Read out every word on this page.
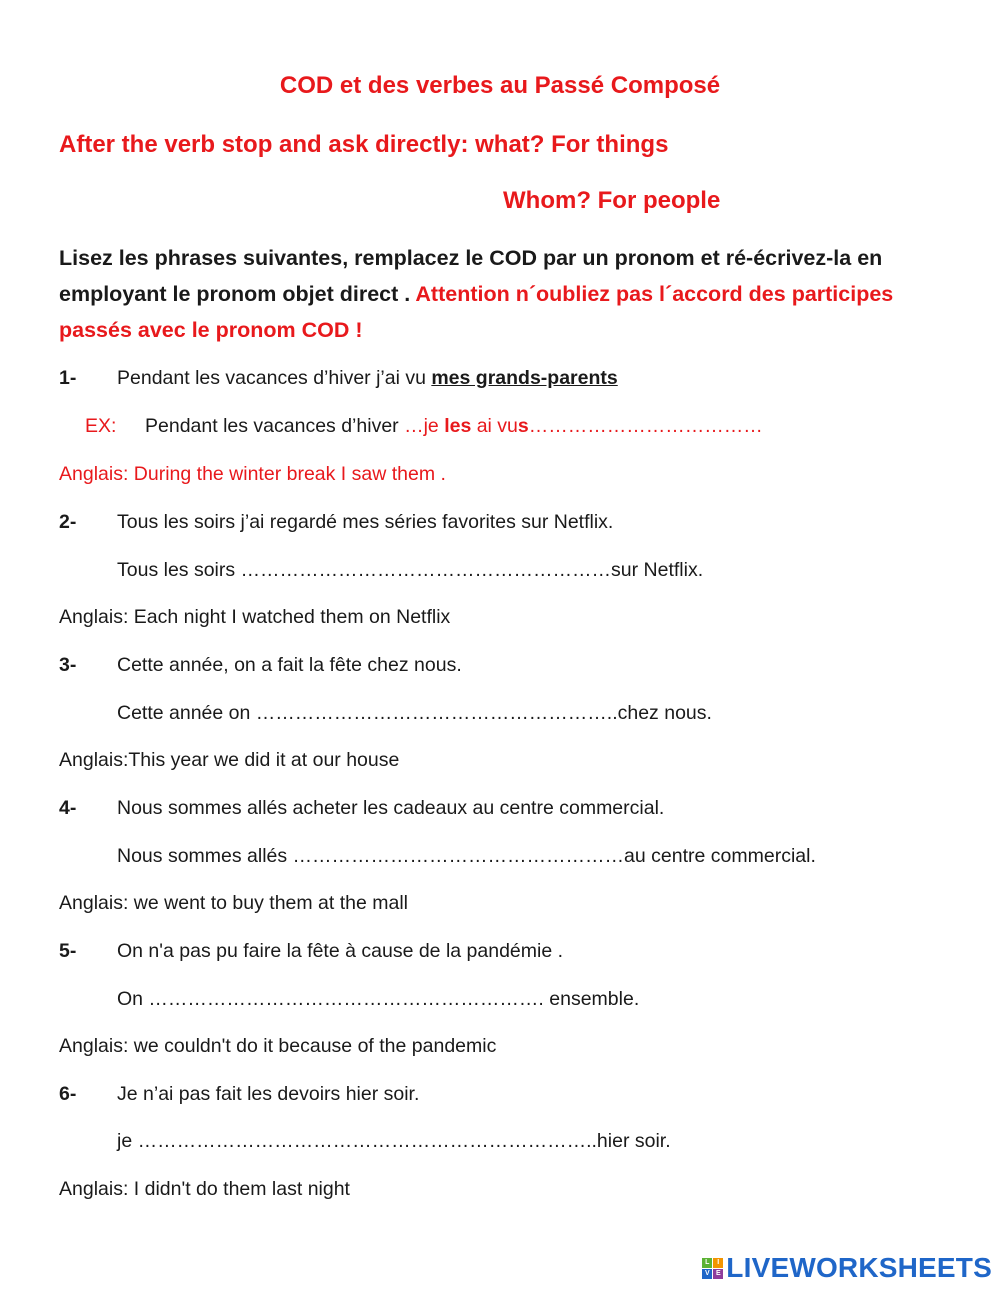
COD et des verbes au Passé Composé
After the verb stop and ask directly: what? For things
Whom? For people
Lisez les phrases suivantes, remplacez le COD par un pronom et ré-écrivez-la en employant le pronom objet direct . Attention n´oubliez pas l´accord des participes passés avec le pronom COD !
1- Pendant les vacances d’hiver j’ai vu mes grands-parents
EX: Pendant les vacances d’hiver …je les ai vus………………………………
Anglais: During the winter break I saw them .
2- Tous les soirs j’ai regardé mes séries favorites sur Netflix.
Tous les soirs …………………………………………………sur Netflix.
Anglais: Each night I watched them on Netflix
3- Cette année, on a fait la fête chez nous.
Cette année on ………………………………………………..chez nous.
Anglais:This year we did it at our house
4- Nous sommes allés acheter les cadeaux au centre commercial.
Nous sommes allés ……………………………………………au centre commercial.
Anglais: we went to buy them at the mall
5- On n'a pas pu faire la fête à cause de la pandémie .
On ……………………………………………………. ensemble.
Anglais: we couldn't do it because of the pandemic
6- Je n’ai pas fait les devoirs hier soir.
je ……………………………………………………………..hier soir.
Anglais: I didn't do them last night
L	I
V E LIVEWORKSHEETS
